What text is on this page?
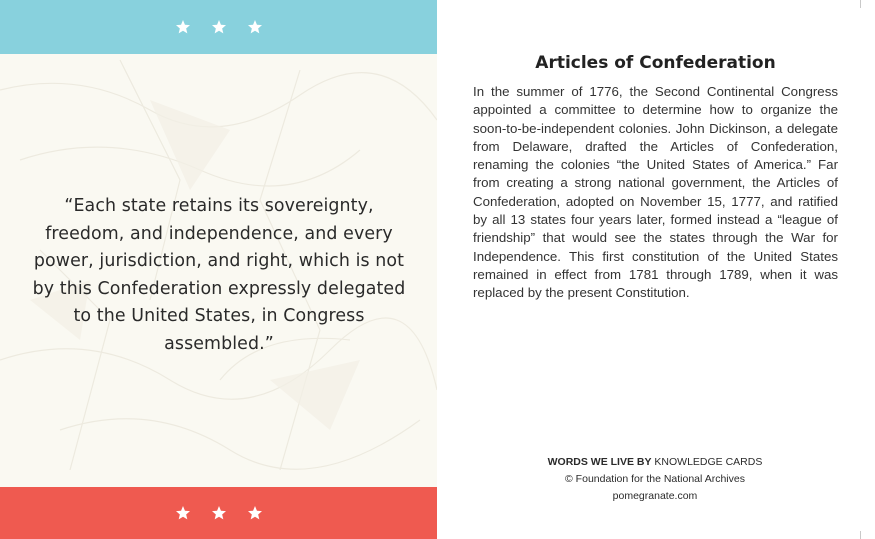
“Each state retains its sovereignty, freedom, and independence, and every power, jurisdiction, and right, which is not by this Confederation expressly delegated to the United States, in Congress assembled.”
Articles of Confederation
In the summer of 1776, the Second Continental Congress appointed a committee to determine how to organize the soon-to-be-independent colonies. John Dickinson, a delegate from Delaware, drafted the Articles of Confederation, renaming the colonies “the United States of America.” Far from creating a strong national government, the Articles of Confederation, adopted on November 15, 1777, and ratified by all 13 states four years later, formed instead a “league of friendship” that would see the states through the War for Independence. This first constitution of the United States remained in effect from 1781 through 1789, when it was replaced by the present Constitution.
WORDS WE LIVE BY KNOWLEDGE CARDS
© Foundation for the National Archives
pomegranate.com
